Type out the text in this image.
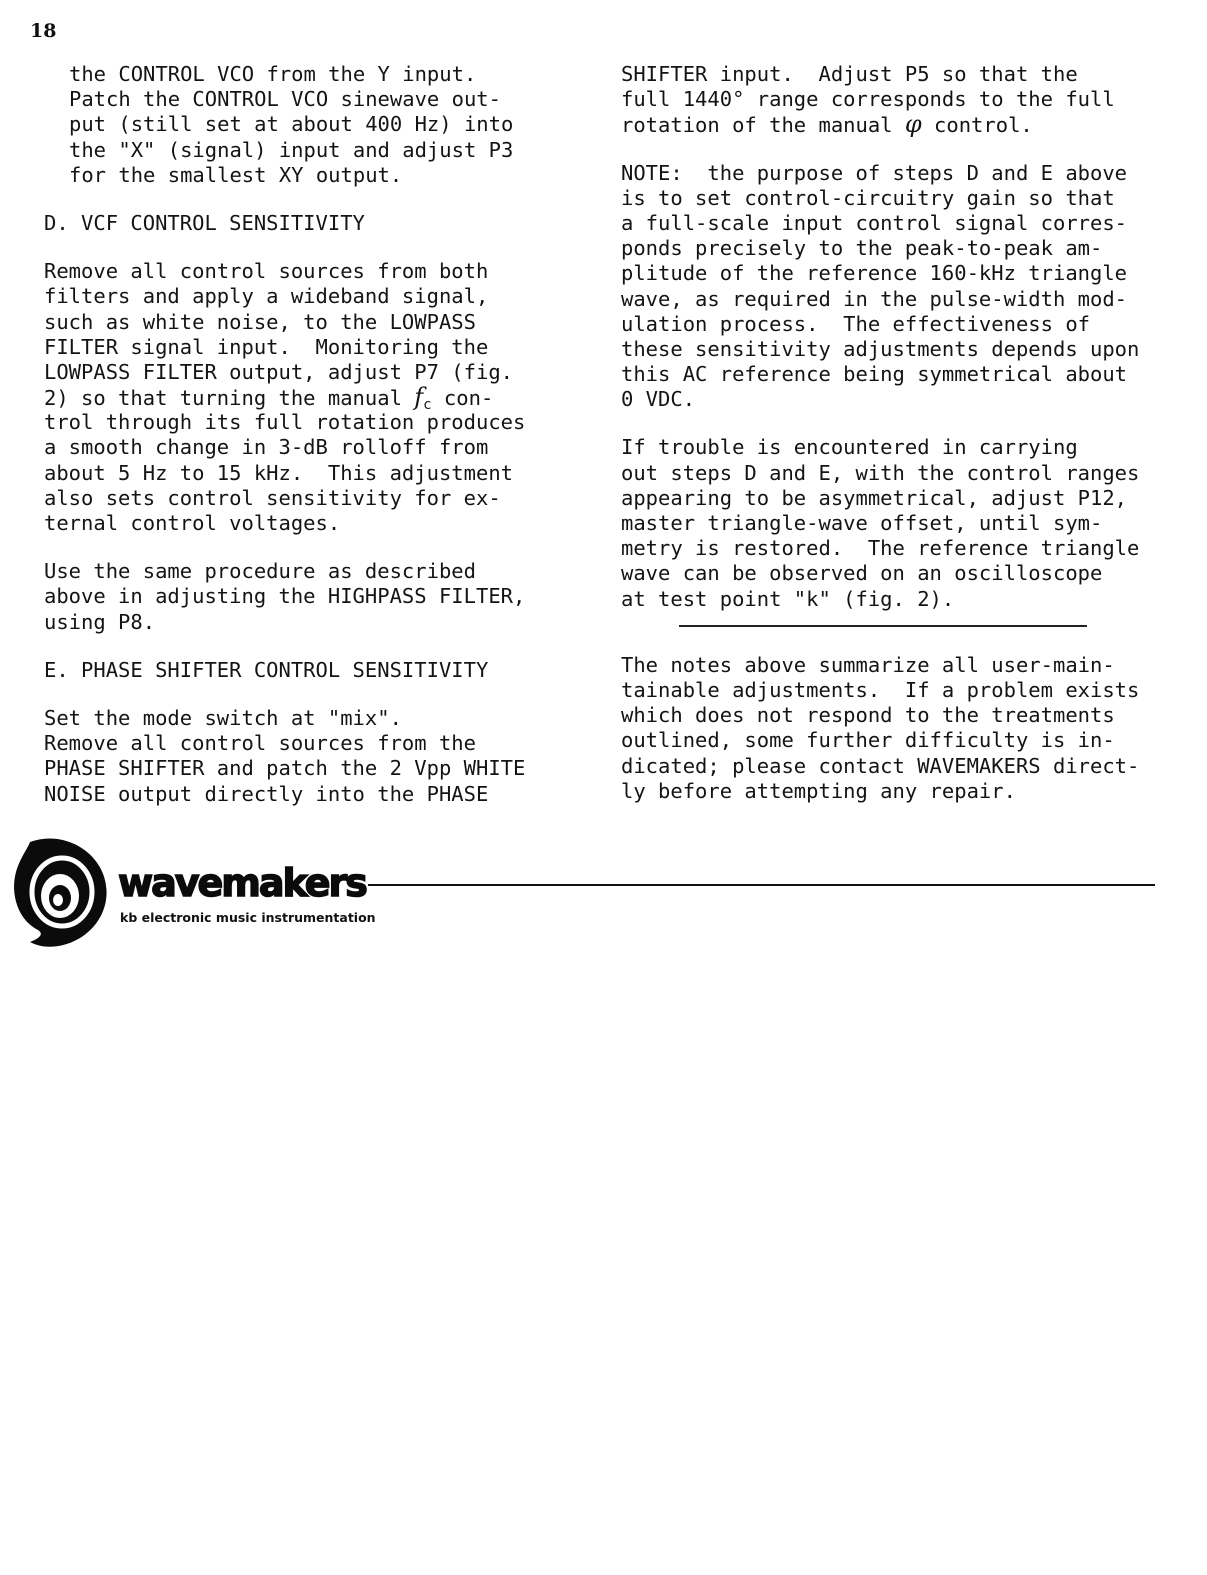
18
the CONTROL VCO from the Y input.
Patch the CONTROL VCO sinewave out-
put (still set at about 400 Hz) into
the "X" (signal) input and adjust P3
for the smallest XY output.
D. VCF CONTROL SENSITIVITY
Remove all control sources from both
filters and apply a wideband signal,
such as white noise, to the LOWPASS
FILTER signal input.  Monitoring the
LOWPASS FILTER output, adjust P7 (fig.
2) so that turning the manual fc con-
trol through its full rotation produces
a smooth change in 3-dB rolloff from
about 5 Hz to 15 kHz.  This adjustment
also sets control sensitivity for ex-
ternal control voltages.
Use the same procedure as described
above in adjusting the HIGHPASS FILTER,
using P8.
E. PHASE SHIFTER CONTROL SENSITIVITY
Set the mode switch at "mix".
Remove all control sources from the
PHASE SHIFTER and patch the 2 Vpp WHITE
NOISE output directly into the PHASE
SHIFTER input.  Adjust P5 so that the
full 1440° range corresponds to the full
rotation of the manual φ control.
NOTE:  the purpose of steps D and E above
is to set control-circuitry gain so that
a full-scale input control signal corres-
ponds precisely to the peak-to-peak am-
plitude of the reference 160-kHz triangle
wave, as required in the pulse-width mod-
ulation process.  The effectiveness of
these sensitivity adjustments depends upon
this AC reference being symmetrical about
0 VDC.
If trouble is encountered in carrying
out steps D and E, with the control ranges
appearing to be asymmetrical, adjust P12,
master triangle-wave offset, until sym-
metry is restored.  The reference triangle
wave can be observed on an oscilloscope
at test point "k" (fig. 2).
The notes above summarize all user-main-
tainable adjustments.  If a problem exists
which does not respond to the treatments
outlined, some further difficulty is in-
dicated; please contact WAVEMAKERS direct-
ly before attempting any repair.
wavemakers
kb electronic music instrumentation
